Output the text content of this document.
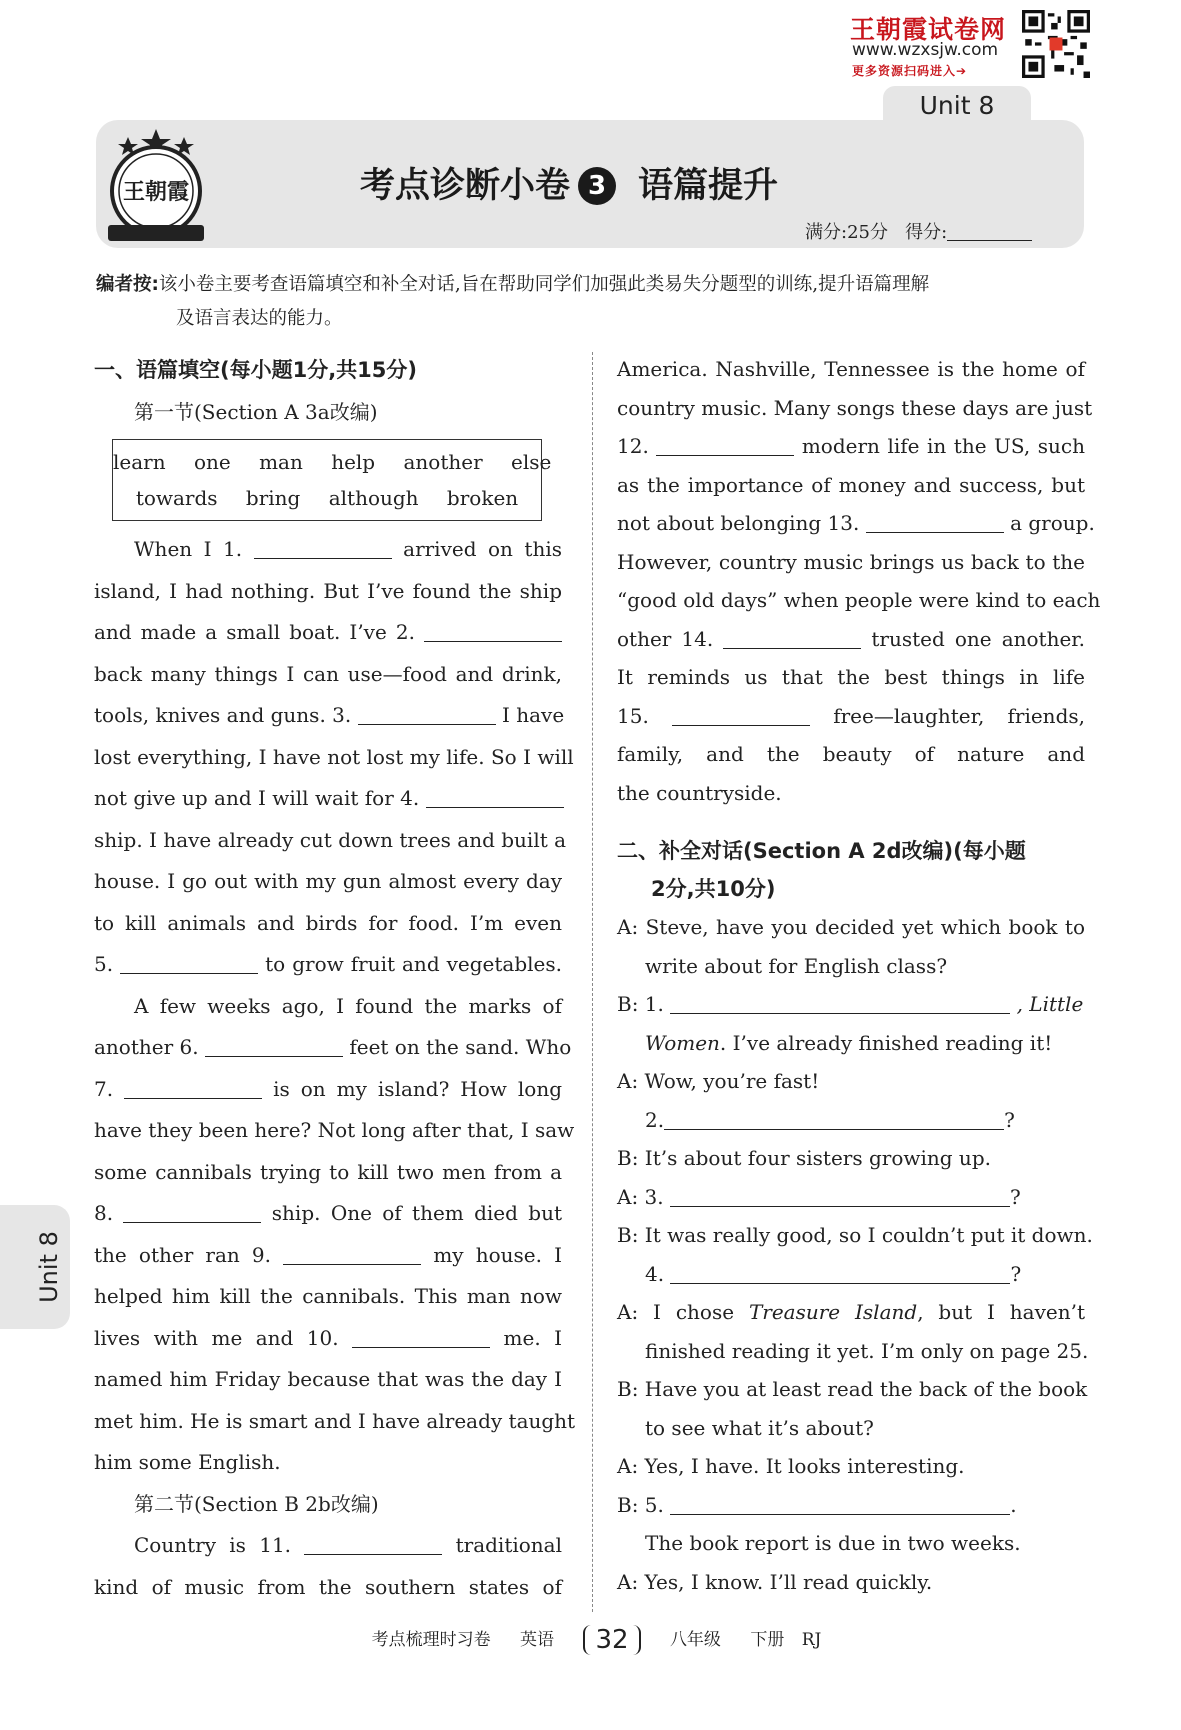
王朝霞试卷网
www.wzxsjw.com
更多资源扫码进入➔
Unit 8
王朝霞	考点诊断小卷 3 语篇提升
满分:25分 得分:
编者按:该小卷主要考查语篇填空和补全对话,旨在帮助同学们加强此类易失分题型的训练,提升语篇理解
及语言表达的能力。
一、语篇填空(每小题1分,共15分)
第一节(Section A 3a改编)
learn one man help another else
towards bring although broken
When I 1.	arrived on this
island, I had nothing. But I’ve found the ship
and made a small boat. I’ve 2.
back many things I can use—food and drink,
tools, knives and guns. 3.	I have
lost everything, I have not lost my life. So I will
not give up and I will wait for 4.
ship. I have already cut down trees and built a
house. I go out with my gun almost every day
to kill animals and birds for food. I’m even
5.	to grow fruit and vegetables.
A few weeks ago, I found the marks of
another 6.	feet on the sand. Who
7.	is on my island? How long
have they been here? Not long after that, I saw
some cannibals trying to kill two men from a
8.	ship. One of them died but
the other ran 9.	my house. I
helped him kill the cannibals. This man now
lives with me and 10.	me. I
named him Friday because that was the day I
met him. He is smart and I have already taught
him some English.
第二节(Section B 2b改编)
Country is 11.	traditional
kind of music from the southern states of
America. Nashville, Tennessee is the home of
country music. Many songs these days are just
12.	modern life in the US, such
as the importance of money and success, but
not about belonging 13.	a group.
However, country music brings us back to the
“good old days” when people were kind to each
other 14.	trusted one another.
It reminds us that the best things in life
15.	free—laughter, friends,
family, and the beauty of nature and
the countryside.
二、补全对话(Section A 2d改编)(每小题
2分,共10分)
A: Steve, have you decided yet which book to
write about for English class?
B: 1.	, Little
Women. I’ve already finished reading it!
A: Wow, you’re fast!
2.	?
B: It’s about four sisters growing up.
A: 3.	?
B: It was really good, so I couldn’t put it down.
4.	?
A: I chose Treasure Island, but I haven’t
finished reading it yet. I’m only on page 25.
B: Have you at least read the back of the book
to see what it’s about?
A: Yes, I have. It looks interesting.
B: 5.	.
The book report is due in two weeks.
A: Yes, I know. I’ll read quickly.
Unit 8
考点梳理时习卷 英语 32 八年级 下册 RJ
